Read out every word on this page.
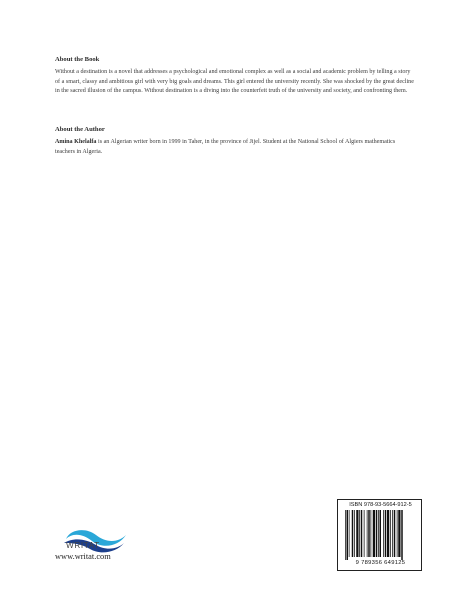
About the Book
Without a destination is a novel that addresses a psychological and emotional complex as well as a social and academic problem by telling a story of a smart, classy and ambitious girl with very big goals and dreams. This girl entered the university recently. She was shocked by the great decline in the sacred illusion of the campus. Without destination is a diving into the counterfeit truth of the university and society, and confronting them.
About the Author
Amina Khelalfa is an Algerian writer born in 1999 in Taher, in the province of Jijel. Student at the National School of Algiers mathematics teachers in Algeria.
WRITAT
www.writat.com
ISBN 978-93-5664-912-5
9 789356 649125
